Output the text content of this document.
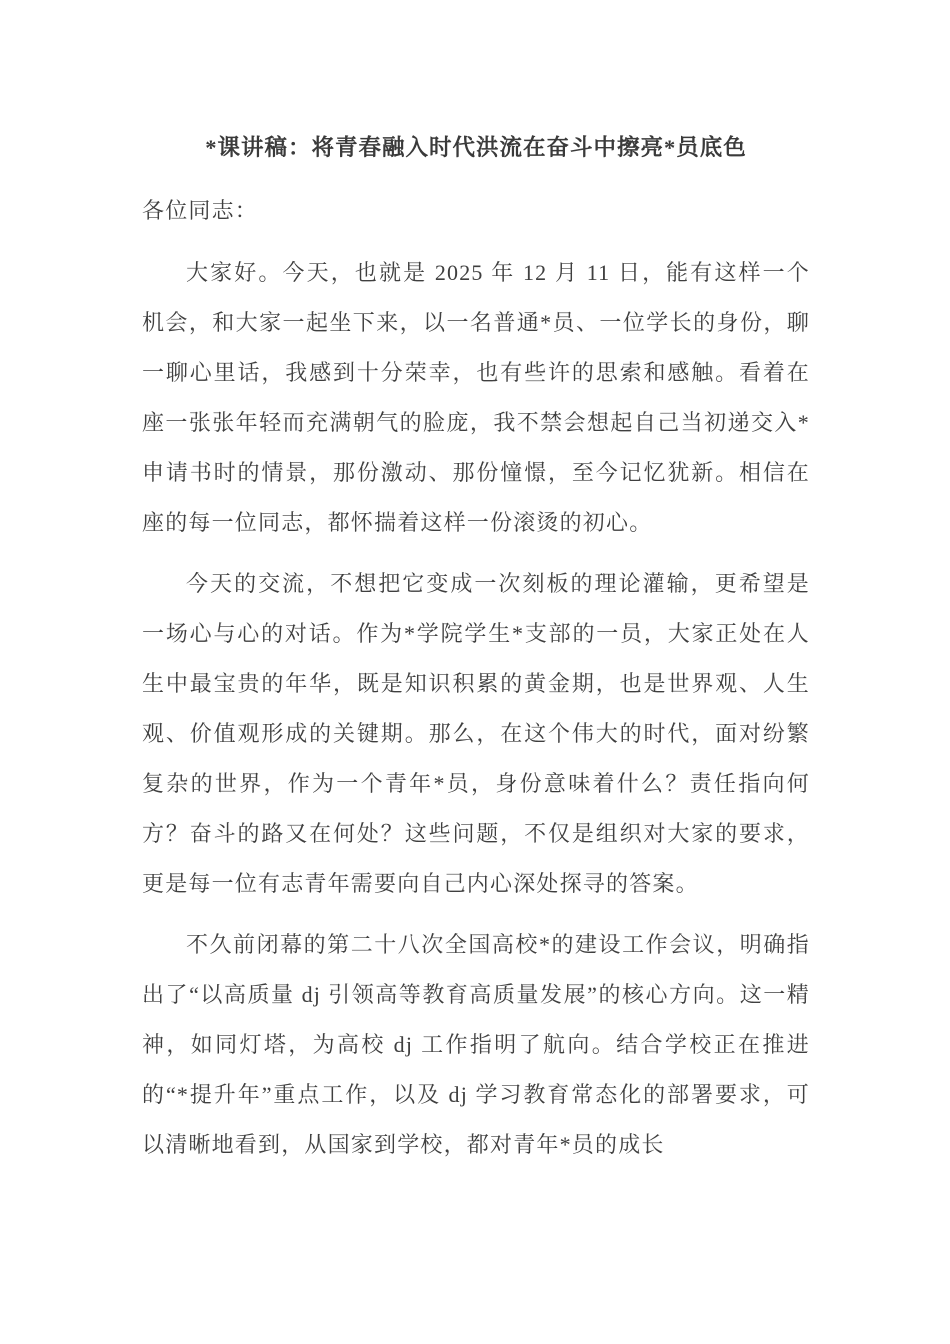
*课讲稿：将青春融入时代洪流在奋斗中擦亮*员底色

各位同志：

大家好。今天，也就是 2025 年 12 月 11 日，能有这样一个机会，和大家一起坐下来，以一名普通*员、一位学长的身份，聊一聊心里话，我感到十分荣幸，也有些许的思索和感触。看着在座一张张年轻而充满朝气的脸庞，我不禁会想起自己当初递交入*申请书时的情景，那份激动、那份憧憬，至今记忆犹新。相信在座的每一位同志，都怀揣着这样一份滚烫的初心。

今天的交流，不想把它变成一次刻板的理论灌输，更希望是一场心与心的对话。作为*学院学生*支部的一员，大家正处在人生中最宝贵的年华，既是知识积累的黄金期，也是世界观、人生观、价值观形成的关键期。那么，在这个伟大的时代，面对纷繁复杂的世界，作为一个青年*员，身份意味着什么？责任指向何方？奋斗的路又在何处？这些问题，不仅是组织对大家的要求，更是每一位有志青年需要向自己内心深处探寻的答案。

不久前闭幕的第二十八次全国高校*的建设工作会议，明确指出了“以高质量 dj 引领高等教育高质量发展”的核心方向。这一精神，如同灯塔，为高校 dj 工作指明了航向。结合学校正在推进的“*提升年”重点工作，以及 dj 学习教育常态化的部署要求，可以清晰地看到，从国家到学校，都对青年*员的成长
